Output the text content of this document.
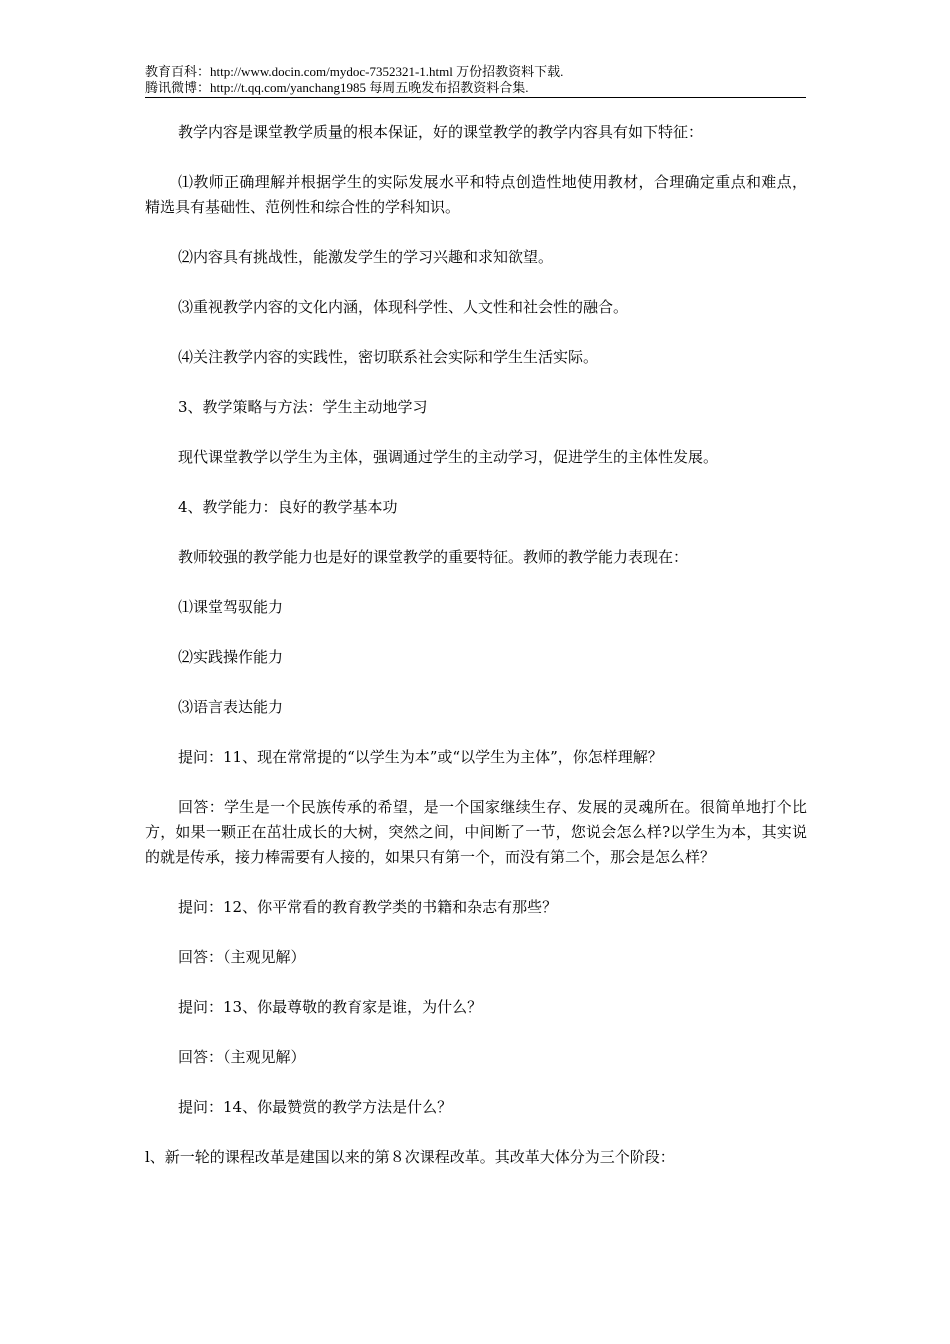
教育百科：http://www.docin.com/mydoc-7352321-1.html 万份招教资料下载.
腾讯微博：http://t.qq.com/yanchang1985 每周五晚发布招教资料合集.

教学内容是课堂教学质量的根本保证，好的课堂教学的教学内容具有如下特征：

⑴教师正确理解并根据学生的实际发展水平和特点创造性地使用教材，合理确定重点和难点，精选具有基础性、范例性和综合性的学科知识。

⑵内容具有挑战性，能激发学生的学习兴趣和求知欲望。

⑶重视教学内容的文化内涵，体现科学性、人文性和社会性的融合。

⑷关注教学内容的实践性，密切联系社会实际和学生生活实际。

3、教学策略与方法：学生主动地学习

现代课堂教学以学生为主体，强调通过学生的主动学习，促进学生的主体性发展。

4、教学能力：良好的教学基本功

教师较强的教学能力也是好的课堂教学的重要特征。教师的教学能力表现在：

⑴课堂驾驭能力

⑵实践操作能力

⑶语言表达能力

提问：11、现在常常提的“以学生为本”或“以学生为主体”，你怎样理解？

回答：学生是一个民族传承的希望，是一个国家继续生存、发展的灵魂所在。很简单地打个比方，如果一颗正在茁壮成长的大树，突然之间，中间断了一节，您说会怎么样?以学生为本，其实说的就是传承，接力棒需要有人接的，如果只有第一个，而没有第二个，那会是怎么样？

提问：12、你平常看的教育教学类的书籍和杂志有那些？

回答：（主观见解）

提问：13、你最尊敬的教育家是谁，为什么？

回答：（主观见解）

提问：14、你最赞赏的教学方法是什么？

l、新一轮的课程改革是建国以来的第８次课程改革。其改革大体分为三个阶段：
